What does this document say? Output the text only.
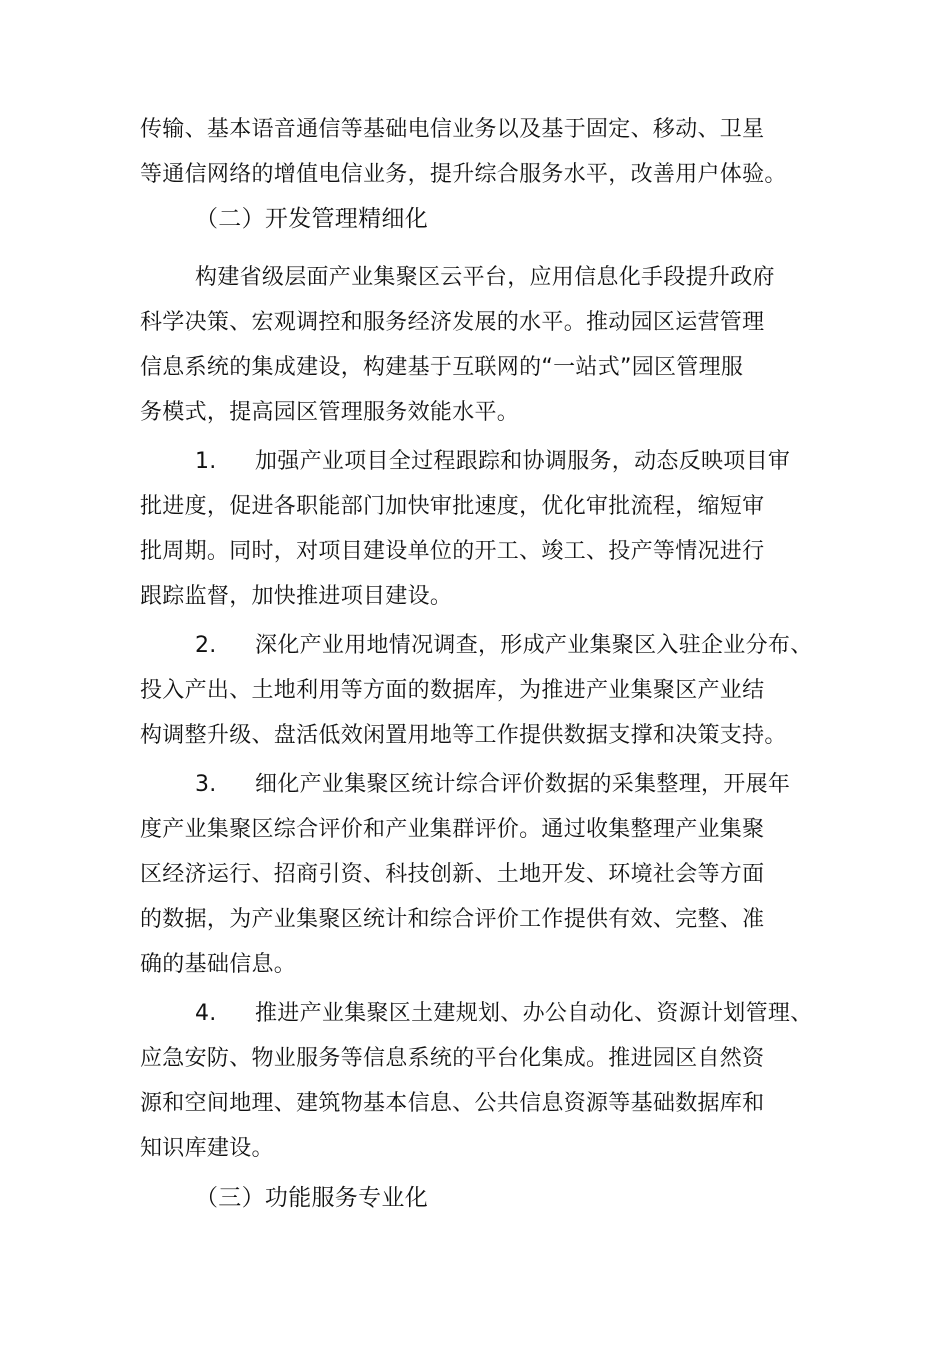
传输、基本语音通信等基础电信业务以及基于固定、移动、卫星

等通信网络的增值电信业务，提升综合服务水平，改善用户体验。

（二）开发管理精细化

构建省级层面产业集聚区云平台，应用信息化手段提升政府

科学决策、宏观调控和服务经济发展的水平。推动园区运营管理

信息系统的集成建设，构建基于互联网的“一站式”园区管理服

务模式，提高园区管理服务效能水平。

1. 加强产业项目全过程跟踪和协调服务，动态反映项目审

批进度，促进各职能部门加快审批速度，优化审批流程，缩短审

批周期。同时，对项目建设单位的开工、竣工、投产等情况进行

跟踪监督，加快推进项目建设。

2. 深化产业用地情况调查，形成产业集聚区入驻企业分布、

投入产出、土地利用等方面的数据库，为推进产业集聚区产业结

构调整升级、盘活低效闲置用地等工作提供数据支撑和决策支持。

3. 细化产业集聚区统计综合评价数据的采集整理，开展年

度产业集聚区综合评价和产业集群评价。通过收集整理产业集聚

区经济运行、招商引资、科技创新、土地开发、环境社会等方面

的数据，为产业集聚区统计和综合评价工作提供有效、完整、准

确的基础信息。

4. 推进产业集聚区土建规划、办公自动化、资源计划管理、

应急安防、物业服务等信息系统的平台化集成。推进园区自然资

源和空间地理、建筑物基本信息、公共信息资源等基础数据库和

知识库建设。

（三）功能服务专业化
